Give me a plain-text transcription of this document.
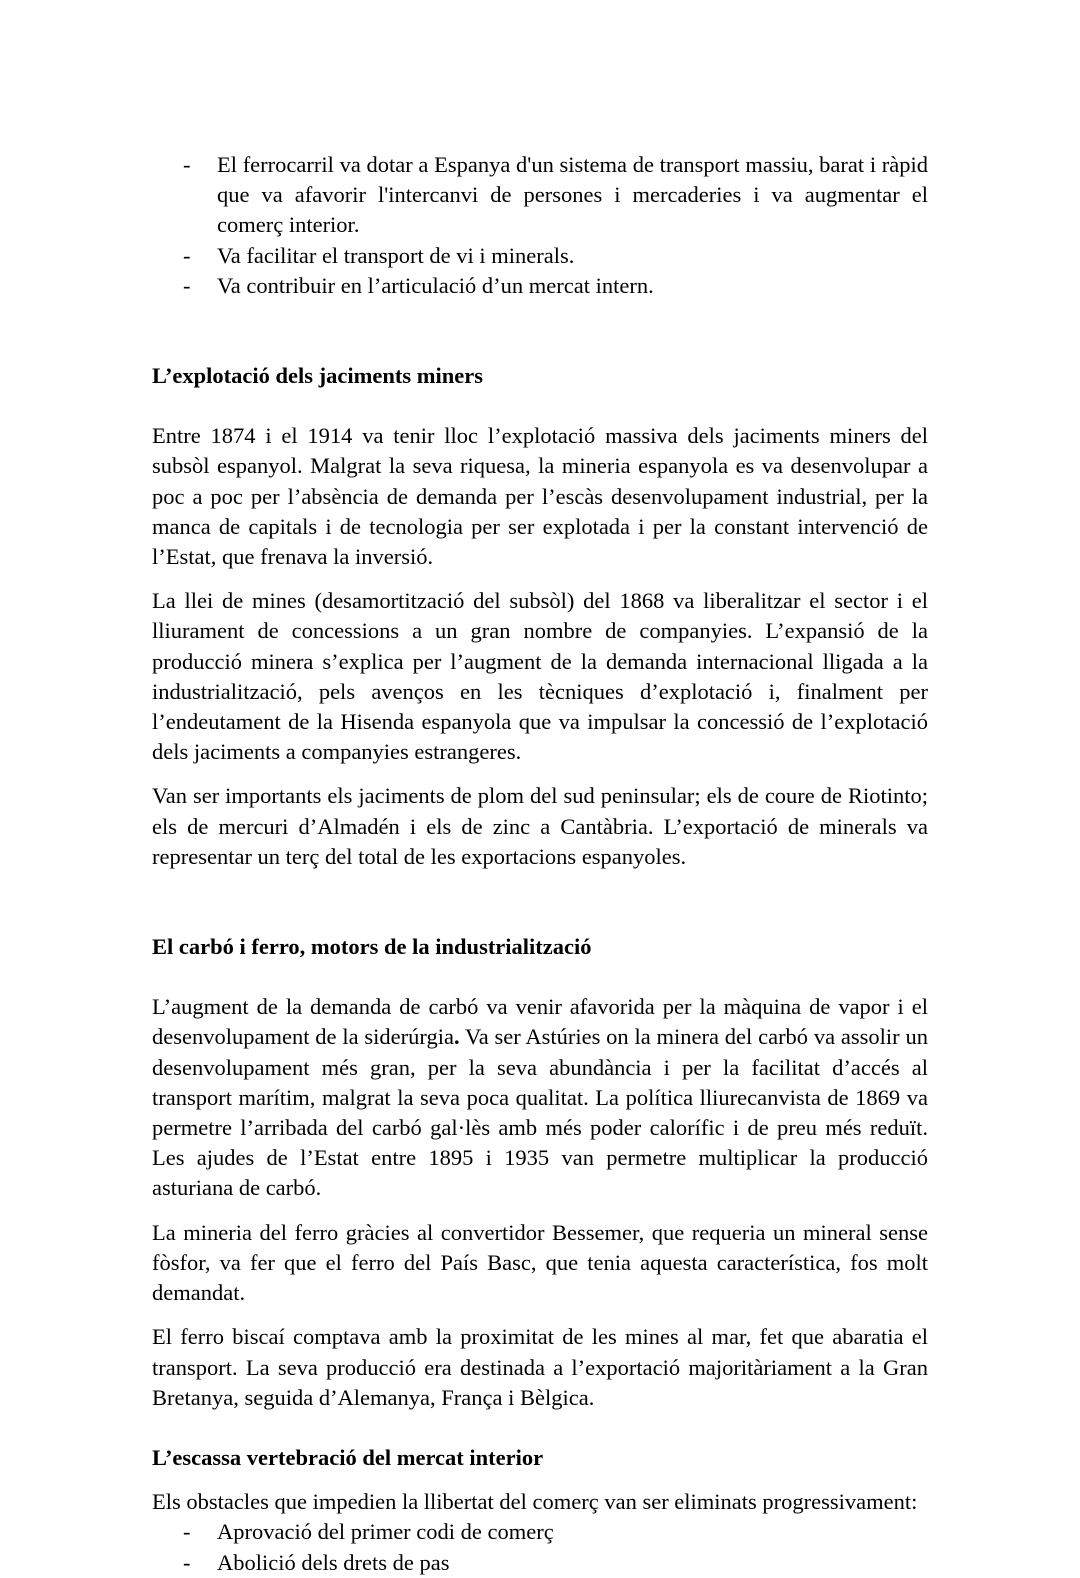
- El ferrocarril va dotar a Espanya d'un sistema de transport massiu, barat i ràpid que va afavorir l'intercanvi de persones i mercaderies i va augmentar el comerç interior.
- Va facilitar el transport de vi i minerals.
- Va contribuir en l’articulació d’un mercat intern.
L’explotació dels jaciments miners

Entre 1874 i el 1914 va tenir lloc l’explotació massiva dels jaciments miners del subsòl espanyol. Malgrat la seva riquesa, la mineria espanyola es va desenvolupar a poc a poc per l’absència de demanda per l’escàs desenvolupament industrial, per la manca de capitals i de tecnologia per ser explotada i per la constant intervenció de l’Estat, que frenava la inversió.

La llei de mines (desamortització del subsòl) del 1868 va liberalitzar el sector i el lliurament de concessions a un gran nombre de companyies. L’expansió de la producció minera s’explica per l’augment de la demanda internacional lligada a la industrialització, pels avenços en les tècniques d’explotació i, finalment per l’endeutament de la Hisenda espanyola que va impulsar la concessió de l’explotació dels jaciments a companyies estrangeres.

Van ser importants els jaciments de plom del sud peninsular; els de coure de Riotinto; els de mercuri d’Almadén i els de zinc a Cantàbria. L’exportació de minerals va representar un terç del total de les exportacions espanyoles.

El carbó i ferro, motors de la industrialització

L’augment de la demanda de carbó va venir afavorida per la màquina de vapor i el desenvolupament de la siderúrgia. Va ser Astúries on la minera del carbó va assolir un desenvolupament més gran, per la seva abundància i per la facilitat d’accés al transport marítim, malgrat la seva poca qualitat. La política lliurecanvista de 1869 va permetre l’arribada del carbó gal·lès amb més poder calorífic i de preu més reduït. Les ajudes de l’Estat entre 1895 i 1935 van permetre multiplicar la producció asturiana de carbó.

La mineria del ferro gràcies al convertidor Bessemer, que requeria un mineral sense fòsfor, va fer que el ferro del País Basc, que tenia aquesta característica, fos molt demandat.

El ferro biscaí comptava amb la proximitat de les mines al mar, fet que abaratia el transport. La seva producció era destinada a l’exportació majoritàriament a la Gran Bretanya, seguida d’Alemanya, França i Bèlgica.

L’escassa vertebració del mercat interior

Els obstacles que impedien la llibertat del comerç van ser eliminats progressivament:

- Aprovació del primer codi de comerç
- Abolició dels drets de pas
